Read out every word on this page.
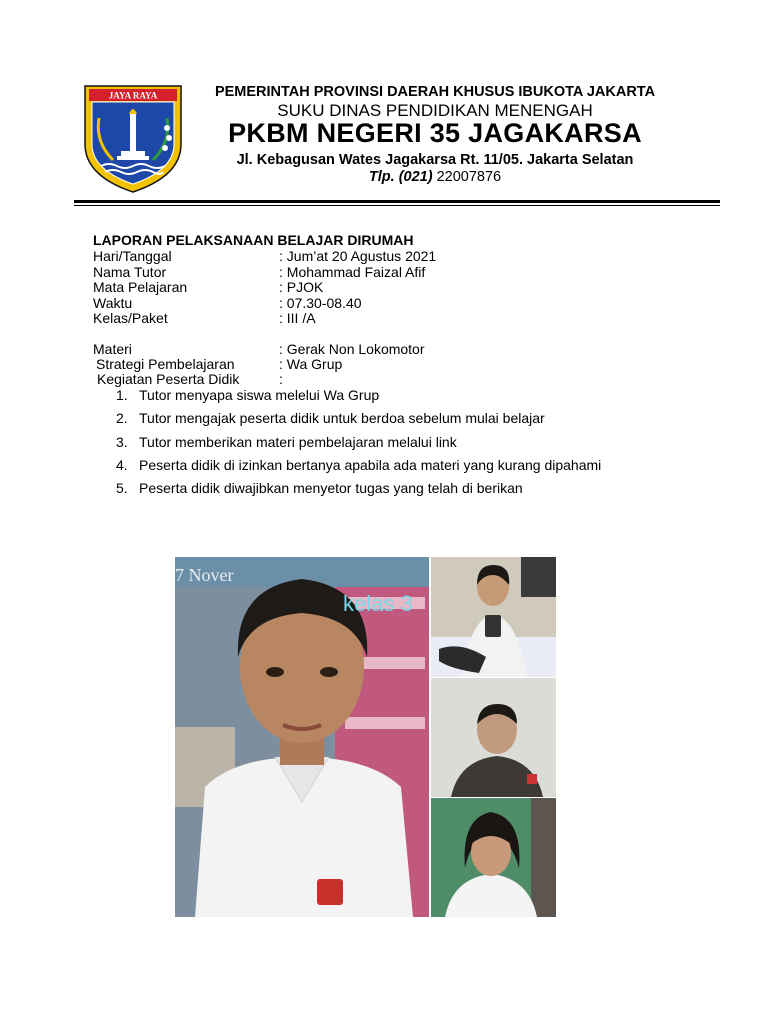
JAYA RAYA	PEMERINTAH PROVINSI DAERAH KHUSUS IBUKOTA JAKARTA
SUKU DINAS PENDIDIKAN MENENGAH
PKBM NEGERI 35 JAGAKARSA
Jl. Kebagusan Wates Jagakarsa Rt. 11/05. Jakarta Selatan
Tlp. (021) 22007876
LAPORAN PELAKSANAAN BELAJAR DIRUMAH
Hari/Tanggal	: Jum’at 20 Agustus 2021
Nama Tutor	: Mohammad Faizal Afif
Mata Pelajaran	: PJOK
Waktu	: 07.30-08.40
Kelas/Paket	: III /A
Materi	: Gerak Non Lokomotor
Strategi Pembelajaran	: Wa Grup
Kegiatan Peserta Didik	:
1. Tutor menyapa siswa melelui Wa Grup
2. Tutor mengajak peserta didik untuk berdoa sebelum mulai belajar
3. Tutor memberikan materi pembelajaran melalui link
4. Peserta didik di izinkan bertanya apabila ada materi yang kurang dipahami
5. Peserta didik diwajibkan menyetor tugas yang telah di berikan
7 Nover
kelas 3
